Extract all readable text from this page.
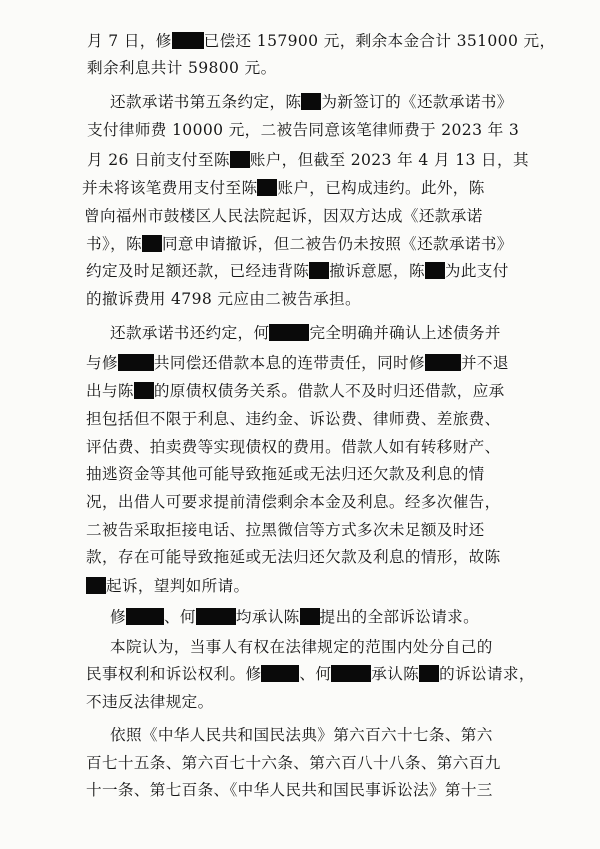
月 7 日，修 已偿还 157900 元，剩余本金合计 351000 元，
剩余利息共计 59800 元。
还款承诺书第五条约定，陈 为新签订的《还款承诺书》
支付律师费 10000 元，二被告同意该笔律师费于 2023 年 3
月 26 日前支付至陈 账户，但截至 2023 年 4 月 13 日，其
并未将该笔费用支付至陈 账户，已构成违约。此外，陈
曾向福州市鼓楼区人民法院起诉，因双方达成《还款承诺
书》，陈 同意申请撤诉，但二被告仍未按照《还款承诺书》
约定及时足额还款，已经违背陈 撤诉意愿，陈 为此支付
的撤诉费用 4798 元应由二被告承担。
还款承诺书还约定，何	完全明确并确认上述债务并
与修 共同偿还借款本息的连带责任，同时修 并不退
出与陈 的原债权债务关系。借款人不及时归还借款，应承
担包括但不限于利息、违约金、诉讼费、律师费、差旅费、
评估费、拍卖费等实现债权的费用。借款人如有转移财产、
抽逃资金等其他可能导致拖延或无法归还欠款及利息的情
况，出借人可要求提前清偿剩余本金及利息。经多次催告，
二被告采取拒接电话、拉黑微信等方式多次未足额及时还
款，存在可能导致拖延或无法归还欠款及利息的情形，故陈
起诉，望判如所请。
修 、何	均承认陈 提出的全部诉讼请求。
本院认为，当事人有权在法律规定的范围内处分自己的
民事权利和诉讼权利。修 、何	承认陈 的诉讼请求，
不违反法律规定。
依照《中华人民共和国民法典》第六百六十七条、第六
百七十五条、第六百七十六条、第六百八十八条、第六百九
十一条、第七百条、《中华人民共和国民事诉讼法》第十三
